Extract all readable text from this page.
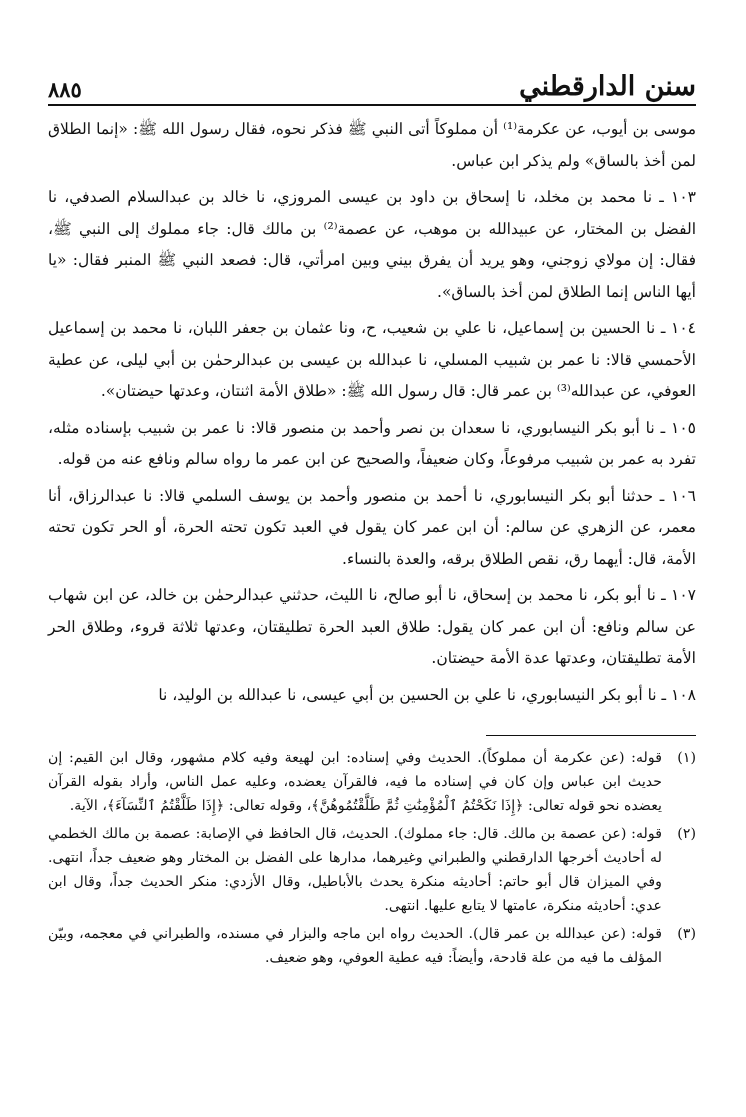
سنن الدارقطني
٨٨٥

موسى بن أيوب، عن عكرمة⁽¹⁾ أن مملوكاً أتى النبي ﷺ فذكر نحوه، فقال رسول الله ﷺ: «إنما الطلاق لمن أخذ بالساق» ولم يذكر ابن عباس.

١٠٣ ـ نا محمد بن مخلد، نا إسحاق بن داود بن عيسى المروزي، نا خالد بن عبدالسلام الصدفي، نا الفضل بن المختار، عن عبيدالله بن موهب، عن عصمة⁽²⁾ بن مالك قال: جاء مملوك إلى النبي ﷺ، فقال: إن مولاي زوجني، وهو يريد أن يفرق بيني وبين امرأتي، قال: فصعد النبي ﷺ المنبر فقال: «يا أيها الناس إنما الطلاق لمن أخذ بالساق».

١٠٤ ـ نا الحسين بن إسماعيل، نا علي بن شعيب، ح، ونا عثمان بن جعفر اللبان، نا محمد بن إسماعيل الأحمسي قالا: نا عمر بن شبيب المسلي، نا عبدالله بن عيسى بن عبدالرحمٰن بن أبي ليلى، عن عطية العوفي، عن عبدالله⁽³⁾ بن عمر قال: قال رسول الله ﷺ: «طلاق الأمة اثنتان، وعدتها حيضتان».

١٠٥ ـ نا أبو بكر النيسابوري، نا سعدان بن نصر وأحمد بن منصور قالا: نا عمر بن شبيب بإسناده مثله، تفرد به عمر بن شبيب مرفوعاً، وكان ضعيفاً، والصحيح عن ابن عمر ما رواه سالم ونافع عنه من قوله.

١٠٦ ـ حدثنا أبو بكر النيسابوري، نا أحمد بن منصور وأحمد بن يوسف السلمي قالا: نا عبدالرزاق، أنا معمر، عن الزهري عن سالم: أن ابن عمر كان يقول في العبد تكون تحته الحرة، أو الحر تكون تحته الأمة، قال: أيهما رق، نقص الطلاق برقه، والعدة بالنساء.

١٠٧ ـ نا أبو بكر، نا محمد بن إسحاق، نا أبو صالح، نا الليث، حدثني عبدالرحمٰن بن خالد، عن ابن شهاب عن سالم ونافع: أن ابن عمر كان يقول: طلاق العبد الحرة تطليقتان، وعدتها ثلاثة قروء، وطلاق الحر الأمة تطليقتان، وعدتها عدة الأمة حيضتان.

١٠٨ ـ نا أبو بكر النيسابوري، نا علي بن الحسين بن أبي عيسى، نا عبدالله بن الوليد، نا

(١)
قوله: (عن عكرمة أن مملوكاً). الحديث وفي إسناده: ابن لهيعة وفيه كلام مشهور، وقال ابن القيم: إن حديث ابن عباس وإن كان في إسناده ما فيه، فالقرآن يعضده، وعليه عمل الناس، وأراد بقوله القرآن يعضده نحو قوله تعالى: ﴿إِذَا نَكَحْتُمُ ٱلْمُؤْمِنَٰتِ ثُمَّ طَلَّقْتُمُوهُنَّ﴾، وقوله تعالى: ﴿إِذَا طَلَّقْتُمُ ٱلنِّسَآءَ﴾، الآية.
(٢)
قوله: (عن عصمة بن مالك. قال: جاء مملوك). الحديث، قال الحافظ في الإصابة: عصمة بن مالك الخطمي له أحاديث أخرجها الدارقطني والطبراني وغيرهما، مدارها على الفضل بن المختار وهو ضعيف جداً، انتهى. وفي الميزان قال أبو حاتم: أحاديثه منكرة يحدث بالأباطيل، وقال الأزدي: منكر الحديث جداً، وقال ابن عدي: أحاديثه منكرة، عامتها لا يتابع عليها. انتهى.
(٣)
قوله: (عن عبدالله بن عمر قال). الحديث رواه ابن ماجه والبزار في مسنده، والطبراني في معجمه، وبيّن المؤلف ما فيه من علة قادحة، وأيضاً: فيه عطية العوفي، وهو ضعيف.
